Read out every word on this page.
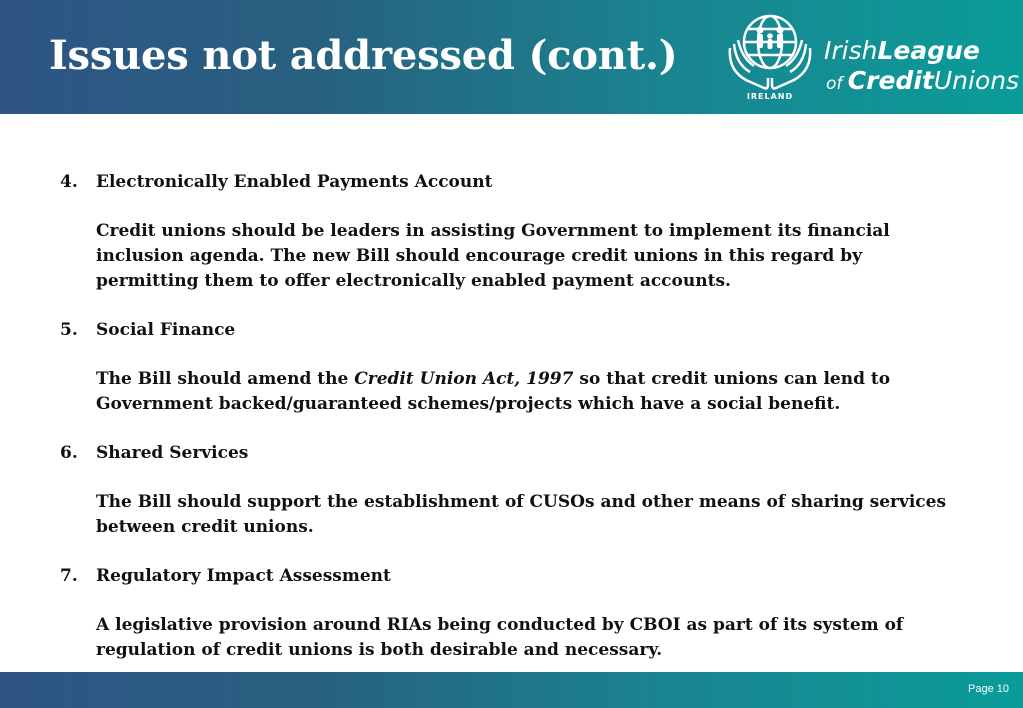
Issues not addressed (cont.)
IRELAND
IrishLeague
of CreditUnions
4.	Electronically Enabled Payments Account
Credit unions should be leaders in assisting Government to implement its financial inclusion agenda. The new Bill should encourage credit unions in this regard by permitting them to offer electronically enabled payment accounts.
5.	Social Finance
The Bill should amend the Credit Union Act, 1997 so that credit unions can lend to Government backed/guaranteed schemes/projects which have a social benefit.
6.	Shared Services
The Bill should support the establishment of CUSOs and other means of sharing services between credit unions.
7.	Regulatory Impact Assessment
A legislative provision around RIAs being conducted by CBOI as part of its system of regulation of credit unions is both desirable and necessary.
Page 10
